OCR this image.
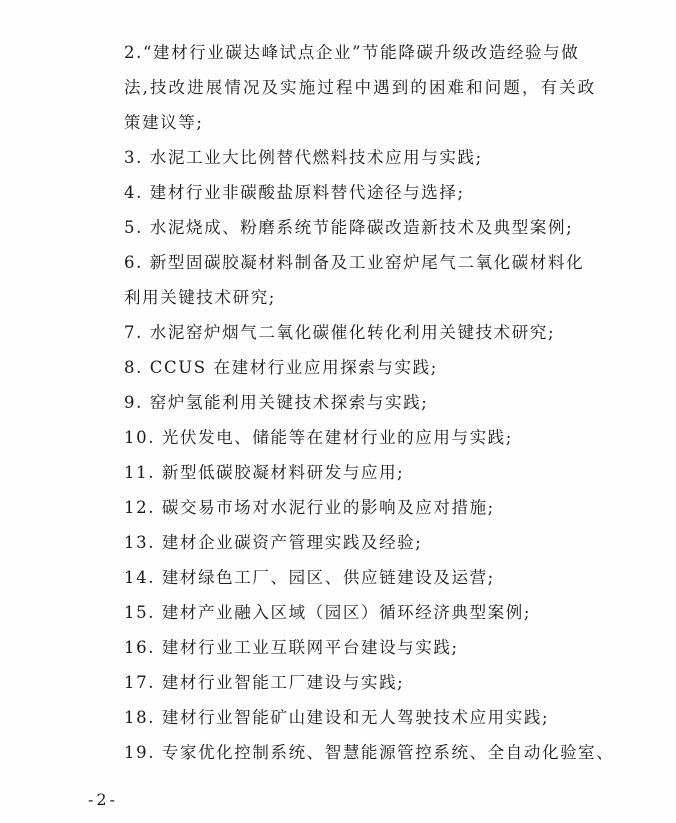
2.“建材行业碳达峰试点企业”节能降碳升级改造经验与做
法,技改进展情况及实施过程中遇到的困难和问题，有关政
策建议等;
3. 水泥工业大比例替代燃料技术应用与实践;
4. 建材行业非碳酸盐原料替代途径与选择;
5. 水泥烧成、粉磨系统节能降碳改造新技术及典型案例;
6. 新型固碳胶凝材料制备及工业窑炉尾气二氧化碳材料化
利用关键技术研究;
7. 水泥窑炉烟气二氧化碳催化转化利用关键技术研究;
8. CCUS 在建材行业应用探索与实践;
9. 窑炉氢能利用关键技术探索与实践;
10. 光伏发电、储能等在建材行业的应用与实践;
11. 新型低碳胶凝材料研发与应用;
12. 碳交易市场对水泥行业的影响及应对措施;
13. 建材企业碳资产管理实践及经验;
14. 建材绿色工厂、园区、供应链建设及运营;
15. 建材产业融入区域（园区）循环经济典型案例;
16. 建材行业工业互联网平台建设与实践;
17. 建材行业智能工厂建设与实践;
18. 建材行业智能矿山建设和无人驾驶技术应用实践;
19. 专家优化控制系统、智慧能源管控系统、全自动化验室、
-2-
